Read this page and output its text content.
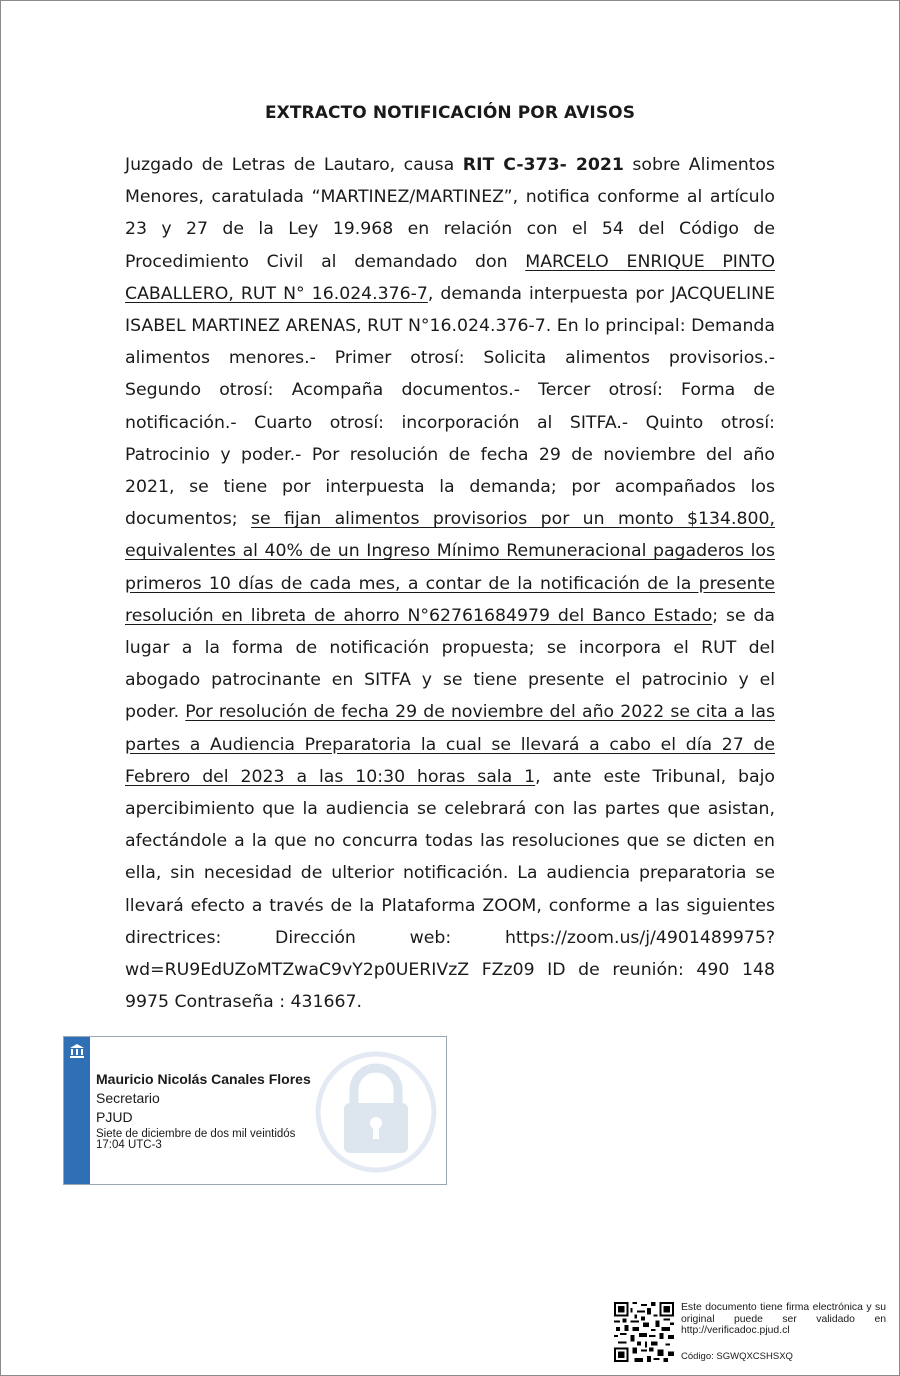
EXTRACTO NOTIFICACIÓN POR AVISOS
Juzgado de Letras de Lautaro, causa RIT C-373- 2021 sobre Alimentos Menores, caratulada “MARTINEZ/MARTINEZ”, notifica conforme al artículo 23 y 27 de la Ley 19.968 en relación con el 54 del Código de Procedimiento Civil al demandado don MARCELO ENRIQUE PINTO CABALLERO, RUT N° 16.024.376-7, demanda interpuesta por JACQUELINE ISABEL MARTINEZ ARENAS, RUT N°16.024.376-7. En lo principal: Demanda alimentos menores.- Primer otrosí: Solicita alimentos provisorios.- Segundo otrosí: Acompaña documentos.- Tercer otrosí: Forma de notificación.- Cuarto otrosí: incorporación al SITFA.- Quinto otrosí: Patrocinio y poder.- Por resolución de fecha 29 de noviembre del año 2021, se tiene por interpuesta la demanda; por acompañados los documentos; se fijan alimentos provisorios por un monto $134.800, equivalentes al 40% de un Ingreso Mínimo Remuneracional pagaderos los primeros 10 días de cada mes, a contar de la notificación de la presente resolución en libreta de ahorro N°62761684979 del Banco Estado; se da lugar a la forma de notificación propuesta; se incorpora el RUT del abogado patrocinante en SITFA y se tiene presente el patrocinio y el poder. Por resolución de fecha 29 de noviembre del año 2022 se cita a las partes a Audiencia Preparatoria la cual se llevará a cabo el día 27 de Febrero del 2023 a las 10:30 horas sala 1, ante este Tribunal, bajo apercibimiento que la audiencia se celebrará con las partes que asistan, afectándole a la que no concurra todas las resoluciones que se dicten en ella, sin necesidad de ulterior notificación. La audiencia preparatoria se llevará efecto a través de la Plataforma ZOOM, conforme a las siguientes directrices: Dirección web: https://zoom.us/j/4901489975?wd=RU9EdUZoMTZwaC9vY2p0UERIVzZ FZz09 ID de reunión: 490 148 9975 Contraseña : 431667.
Mauricio Nicolás Canales Flores
Secretario
PJUD
Siete de diciembre de dos mil veintidós
17:04 UTC-3
Este documento tiene firma electrónica y su original puede ser validado en http://verificadoc.pjud.cl
Código: SGWQXCSHSXQ
